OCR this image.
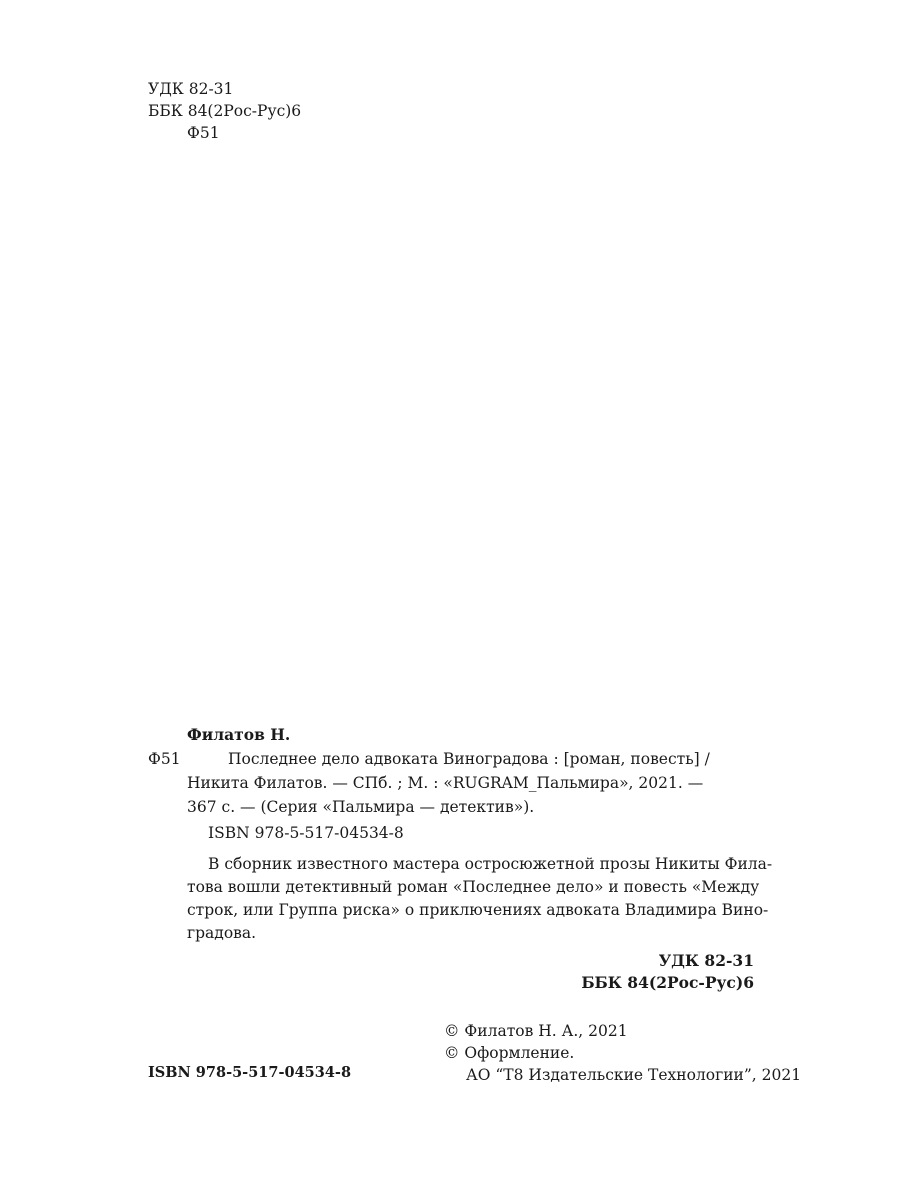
УДК 82-31
ББК 84(2Рос-Рус)6
Ф51
Филатов Н.
Ф51	Последнее дело адвоката Виноградова : [роман, повесть] /
Никита Филатов. — СПб. ; М. : «RUGRAM_Пальмира», 2021. —
367 с. — (Серия «Пальмира — детектив»).
ISBN 978-5-517-04534-8
В сборник известного мастера остросюжетной прозы Никиты Фила-
това вошли детективный роман «Последнее дело» и повесть «Между
строк, или Группа риска» о приключениях адвоката Владимира Вино-
градова.
УДК 82-31
ББК 84(2Рос-Рус)6
© Филатов Н. А., 2021
© Оформление.
АО “Т8 Издательские Технологии”, 2021
ISBN 978-5-517-04534-8
